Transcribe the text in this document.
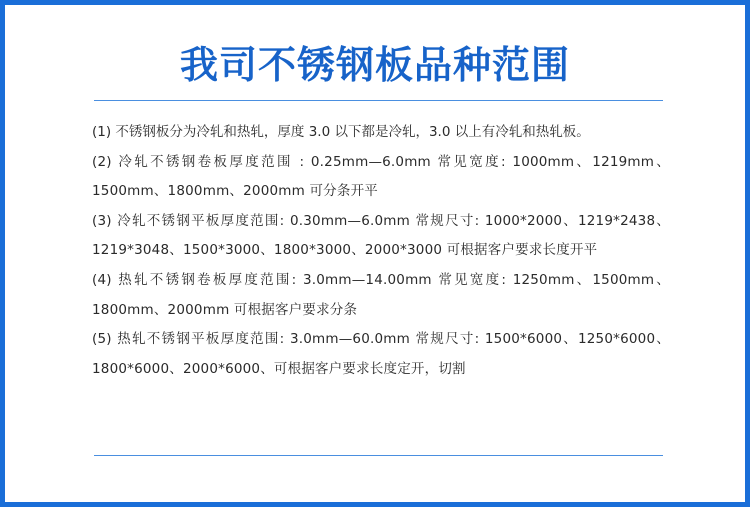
我司不锈钢板品种范围

(1) 不锈钢板分为冷轧和热轧，厚度 3.0 以下都是冷轧，3.0 以上有冷轧和热轧板。

(2) 冷轧不锈钢卷板厚度范围 : 0.25mm—6.0mm 常见宽度: 1000mm、1219mm、1500mm、1800mm、2000mm 可分条开平

(3) 冷轧不锈钢平板厚度范围: 0.30mm—6.0mm 常规尺寸: 1000*2000、1219*2438、1219*3048、1500*3000、1800*3000、2000*3000 可根据客户要求长度开平

(4) 热轧不锈钢卷板厚度范围: 3.0mm—14.00mm 常见宽度: 1250mm、1500mm、1800mm、2000mm 可根据客户要求分条

(5) 热轧不锈钢平板厚度范围: 3.0mm—60.0mm 常规尺寸: 1500*6000、1250*6000、1800*6000、2000*6000、可根据客户要求长度定开，切割
